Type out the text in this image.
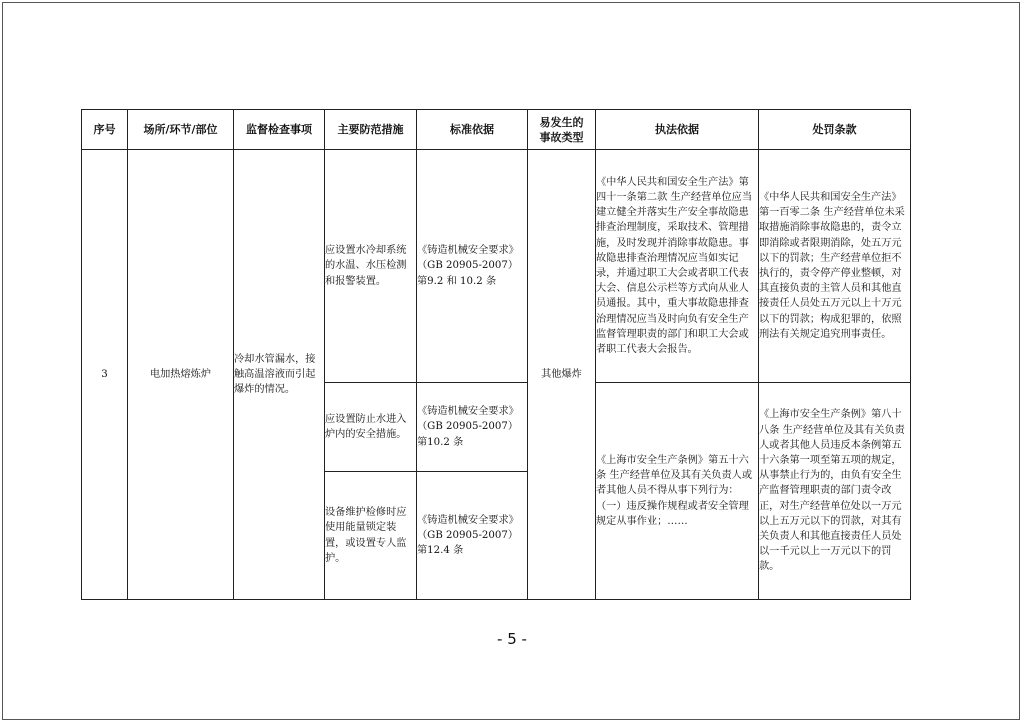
序号	场所/环节/部位	监督检查事项	主要防范措施	标准依据	易发生的事故类型	执法依据	处罚条款
3	电加热熔炼炉	冷却水管漏水，接触高温溶液而引起爆炸的情况。	应设置水冷却系统的水温、水压检测和报警装置。	《铸造机械安全要求》（GB 20905-2007）第9.2 和 10.2 条	其他爆炸	《中华人民共和国安全生产法》第四十一条第二款 生产经营单位应当建立健全并落实生产安全事故隐患排查治理制度，采取技术、管理措施，及时发现并消除事故隐患。事故隐患排查治理情况应当如实记录，并通过职工大会或者职工代表大会、信息公示栏等方式向从业人员通报。其中，重大事故隐患排查治理情况应当及时向负有安全生产监督管理职责的部门和职工大会或者职工代表大会报告。	《中华人民共和国安全生产法》第一百零二条 生产经营单位未采取措施消除事故隐患的，责令立即消除或者限期消除，处五万元以下的罚款；生产经营单位拒不执行的，责令停产停业整顿，对其直接负责的主管人员和其他直接责任人员处五万元以上十万元以下的罚款；构成犯罪的，依照刑法有关规定追究刑事责任。
			应设置防止水进入炉内的安全措施。	《铸造机械安全要求》（GB 20905-2007）第10.2 条		《上海市安全生产条例》第五十六条 生产经营单位及其有关负责人或者其他人员不得从事下列行为：（一）违反操作规程或者安全管理规定从事作业；……	《上海市安全生产条例》第八十八条 生产经营单位及其有关负责人或者其他人员违反本条例第五十六条第一项至第五项的规定，从事禁止行为的，由负有安全生产监督管理职责的部门责令改正，对生产经营单位处以一万元以上五万元以下的罚款，对其有关负责人和其他直接责任人员处以一千元以上一万元以下的罚款。
			设备维护检修时应使用能量锁定装置，或设置专人监护。	《铸造机械安全要求》（GB 20905-2007）第12.4 条			
- 5 -
